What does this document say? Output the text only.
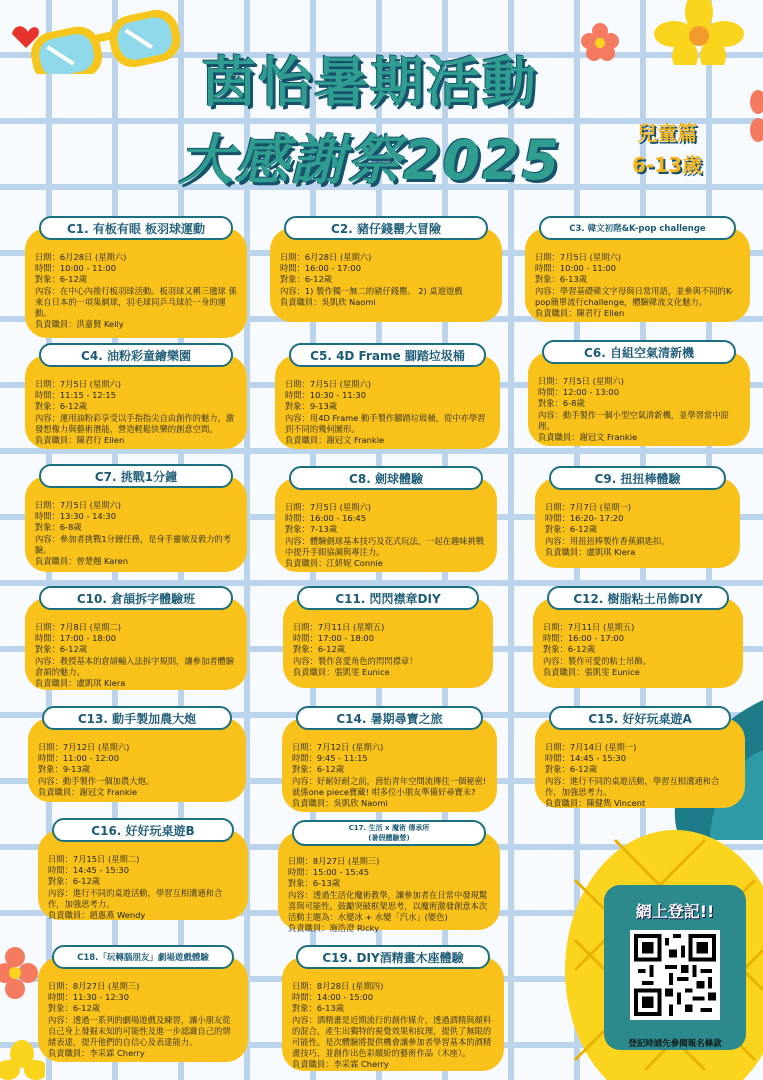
茵怡暑期活動
大感謝祭2025	兒童篇
6-13歲
C1. 有板有眼 板羽球運動
日期：6月28日 (星期六)
時間：10:00 - 11:00
對象：6-12歲
內容：在中心內推行板羽球活動。板羽球又稱三毽球 係來自日本的一項集網球，羽毛球同乒乓球於一身的運動。
負責職員：洪嘉賢 Kelly
C2. 豬仔錢罌大冒險
日期：6月28日 (星期六)
時間：16:00 - 17:00
對象：6-12歲
內容：1) 製作獨一無二的豬仔錢罌。 2) 桌遊遊戲
負責職員：吳凱欣 Naomi
C3. 韓文初階&K-pop challenge
日期：7月5日 (星期六)
時間：10:00 - 11:00
對象：6-13歲
內容：學習基礎韓文字母與日常用語，並參與不同的K-pop簡單流行challenge，體驗韓流文化魅力。
負責職員：陳君行 Ellen
C4. 油粉彩童繪樂園
日期：7月5日 (星期六)
時間：11:15 - 12:15
對象：6-12歲
內容：運用油粉彩享受以手指指尖自由創作的魅力，激發想像力與藝術潛能，營造輕鬆快樂的創意空間。
負責職員：陳君行 Ellen
C5. 4D Frame 腳踏垃圾桶
日期：7月5日 (星期六)
時間：10:30 - 11:30
對象：9-13歲
內容：用4D Frame 動手製作腳踏垃圾桶，從中亦學習到不同的幾何圖形。
負責職員：謝冠文 Frankie
C6. 自組空氣清新機
日期：7月5日 (星期六)
時間：12:00 - 13:00
對象：6-8歲
內容：動手製作一個小型空氣清新機，並學習當中原理。
負責職員：謝冠文 Frankie
C7. 挑戰1分鐘
日期：7月5日 (星期六)
時間：13:30 - 14:30
對象：6-8歲
內容：參加者挑戰1分鐘任務，是身手靈敏及毅力的考驗。
負責職員：曾楚翹 Karen
C8. 劍球體驗
日期：7月5日 (星期六)
時間：16:00 - 16:45
對象：7-13歲
內容：體驗劍球基本技巧及花式玩法，一起在趣味挑戰中提升手眼協調與專注力。
負責職員：江妍妮 Connie
C9. 扭扭棒體驗
日期：7月7日 (星期一)
時間：16:20- 17:20
對象：6-12歲
內容：用扭扭棒製作香蕉鎖匙扣。
負責職員：盧凱琪 Kiera
C10. 倉頡拆字體驗班
日期：7月8日 (星期二)
時間：17:00 - 18:00
對象：6-12歲
內容：教授基本的倉頡輸入法拆字規則，讓參加者體驗倉頡的魅力。
負責職員：盧凱琪 Kiera
C11. 閃閃襟章DIY
日期：7月11日 (星期五)
時間：17:00 - 18:00
對象：6-12歲
內容：製作喜愛角色的閃閃襟章！
負責職員：張凱雯 Eunice
C12. 樹脂粘土吊飾DIY
日期：7月11日 (星期五)
時間：16:00 - 17:00
對象：6-12歲
內容：製作可愛的粘土吊飾。
負責職員：張凱雯 Eunice
C13. 動手製加農大炮
日期：7月12日 (星期六)
時間：11:00 - 12:00
對象：9-13歲
內容：動手製作一個加農大炮。
負責職員：謝冠文 Frankie
C14. 暑期尋寶之旅
日期：7月12日 (星期六)
時間：9:45 - 11:15
對象：6-12歲
內容：好耐好耐之前，茵怡青年空間流傳住一個秘密! 就係one piece寶藏! 咁多位小朋友準備好尋寶未?
負責職員：吳凱欣 Naomi
C15. 好好玩桌遊A
日期：7月14日 (星期一)
時間：14:45 - 15:30
對象：6-12歲
內容：進行不同的桌遊活動，學習互相溝通和合作，加強思考力。
負責職員：陳健雋 Vincent
C16. 好好玩桌遊B
日期：7月15日 (星期二)
時間：14:45 - 15:30
對象：6-12歲
內容：進行不同的桌遊活動，學習互相溝通和合作，加強思考力。
負責職員：趙惠燕 Wendy
C17. 生活 x 魔術 傳承所
(暑假體驗營)
日期：8月27日 (星期三)
時間：15:00 - 15:45
對象：6-13歲
內容：透過生活化魔術教學，讓參加者在日常中發現驚喜與可能性。鼓勵突破框架思考，以魔術激發創意本次活動主題為：水變冰 + 水變「汽水」(變色)
負責職員：施浩澄 Ricky
C18.「玩轉腦朋友」劇場遊戲體驗
日期：8月27日 (星期三)
時間：11:30 - 12:30
對象：6-12歲
內容：透過一系列的劇場遊戲及練習，讓小朋友從自己身上發掘未知的可能性及進一步認識自己的情緒表達，提升他們的自信心及表達能力。
負責職員：李采霖 Cherry
C19. DIY酒精畫木座體驗
日期：8月28日 (星期四)
時間：14:00 - 15:00
對象：6-13歲
內容：酒精畫是近期流行的創作媒介，透過酒精與顏料的混合，產生出獨特的視覺效果和紋理，提供了無限的可能性。是次體驗將提供機會讓參加者學習基本的酒精畫技巧，並創作出色彩繽紛的藝術作品（木座）。
負責職員：李采霖 Cherry
網上登記!!
登記時請先參閱報名條款
